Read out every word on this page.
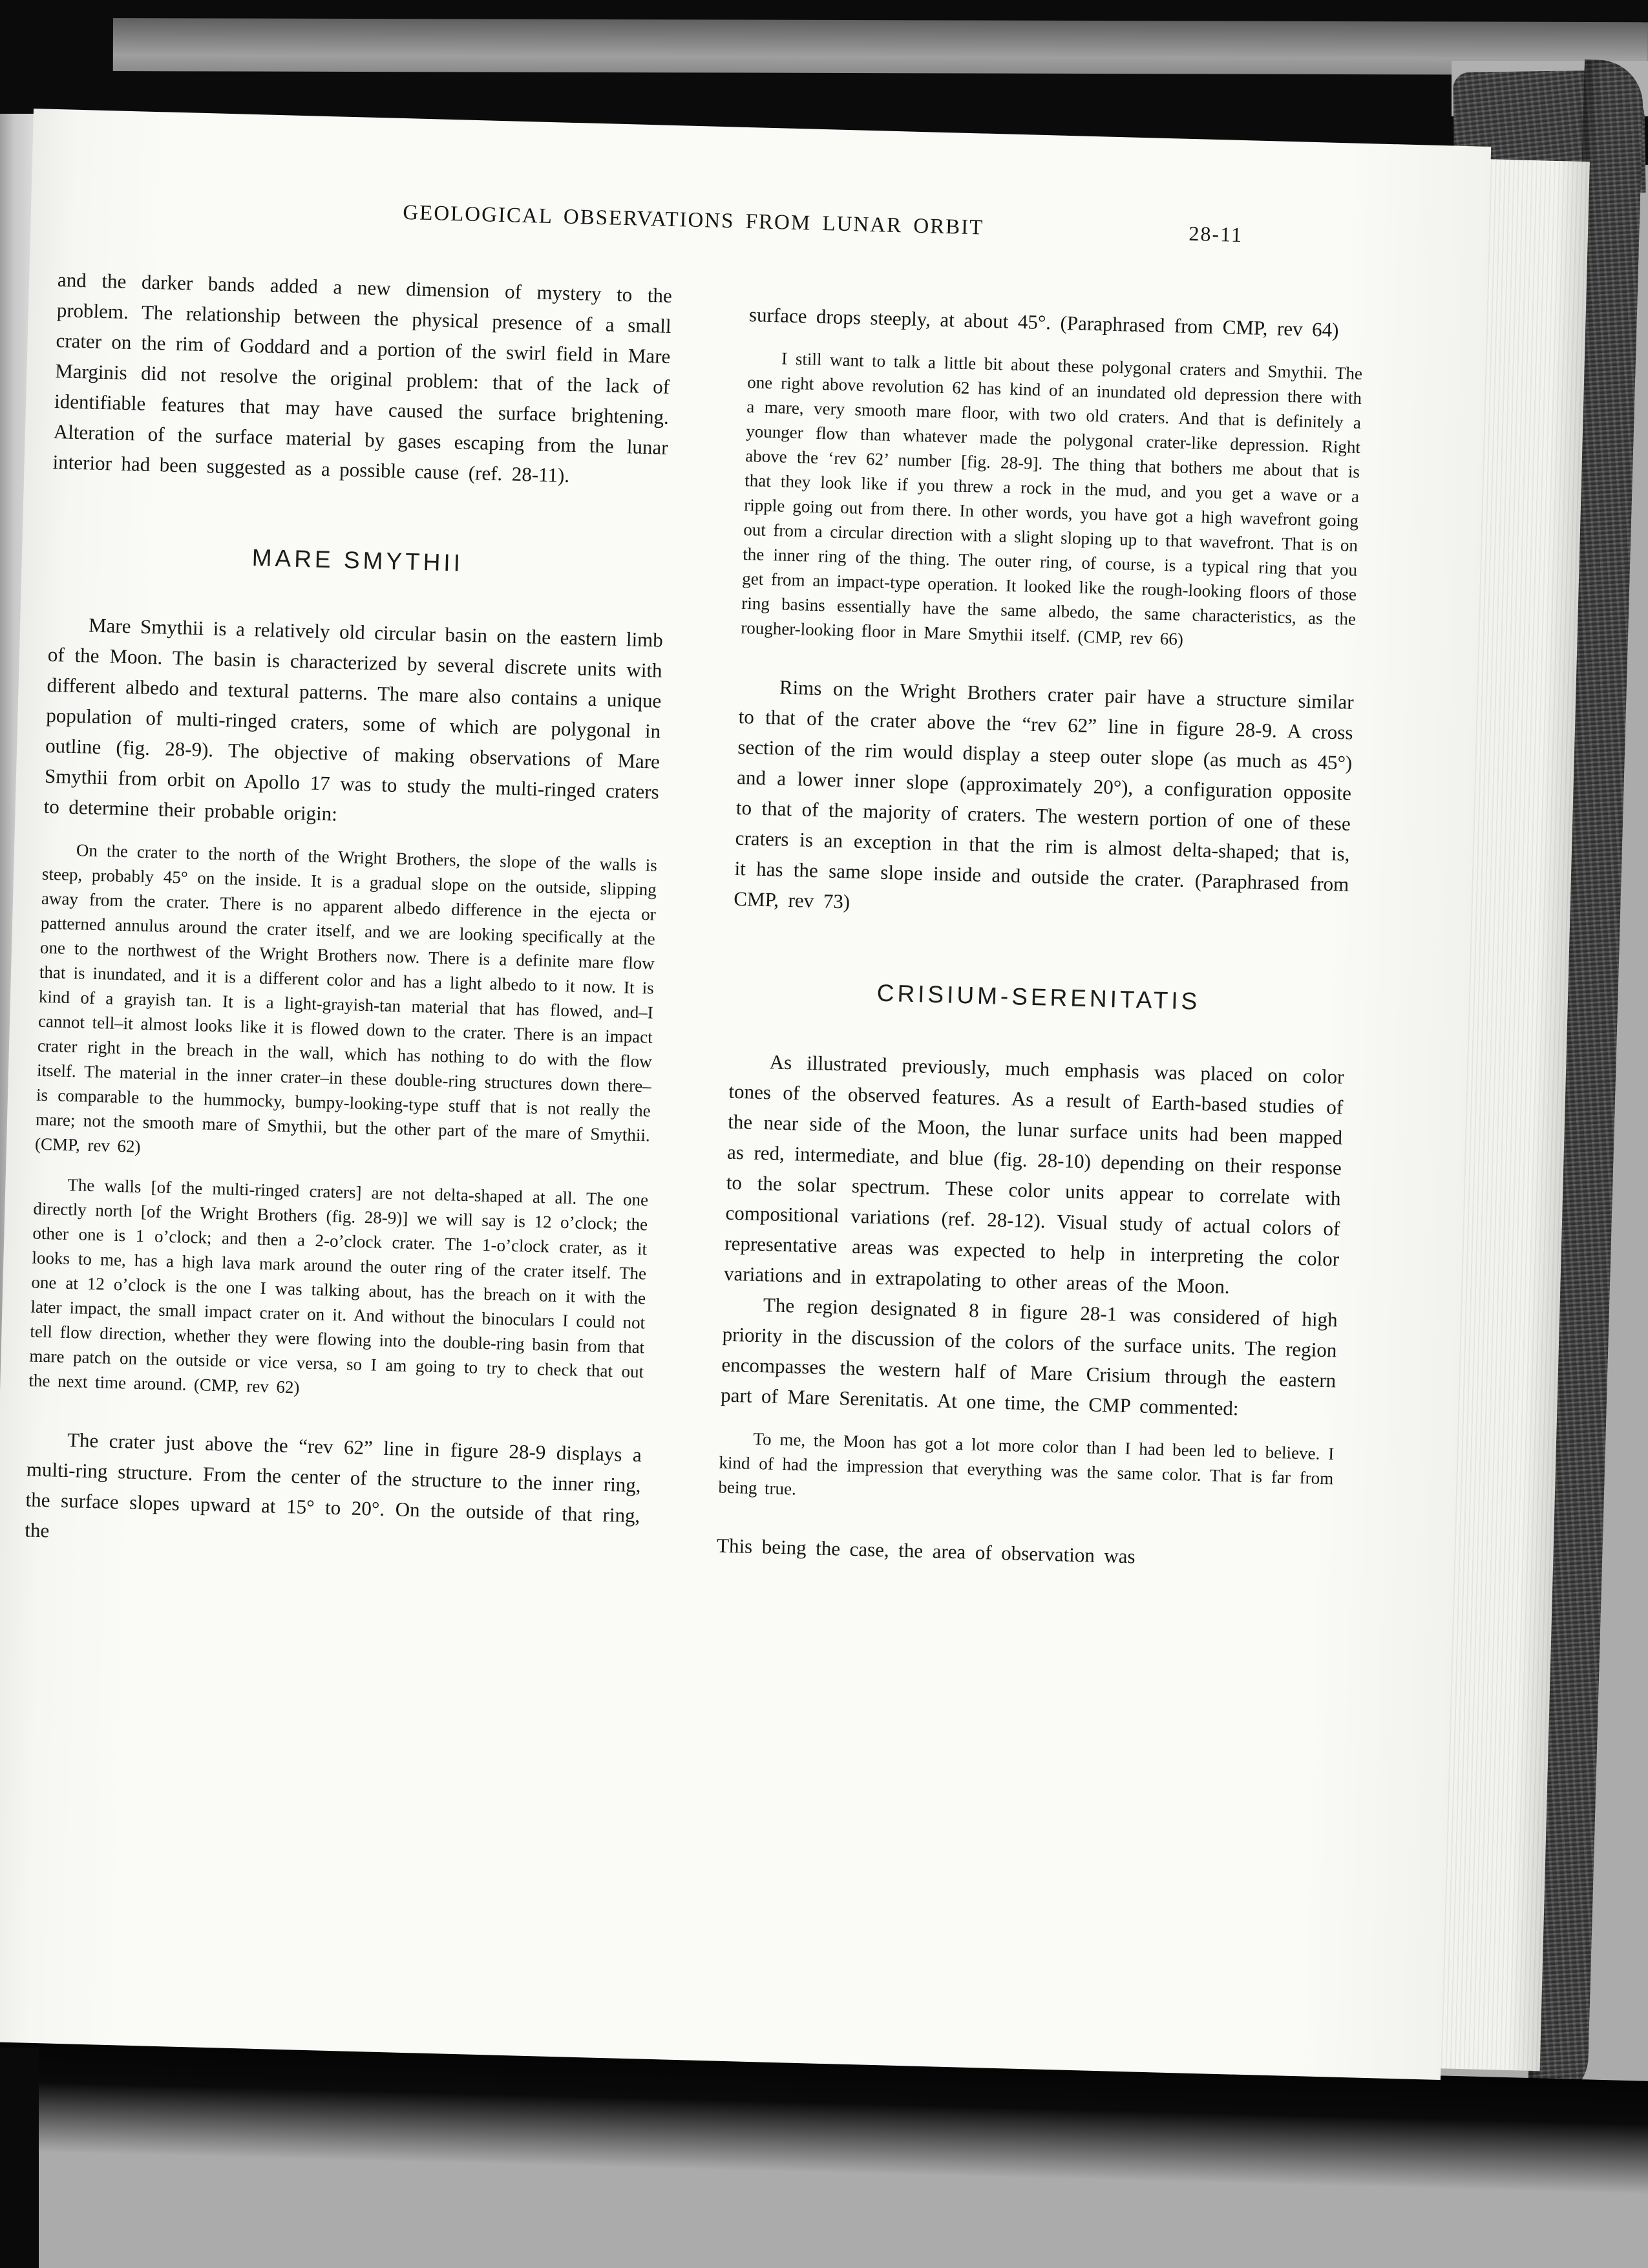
GEOLOGICAL OBSERVATIONS FROM LUNAR ORBIT	28-11

and the darker bands added a new dimension of mystery to the problem. The relationship between the physical presence of a small crater on the rim of Goddard and a portion of the swirl field in Mare Marginis did not resolve the original problem: that of the lack of identifiable features that may have caused the surface brightening. Alteration of the surface material by gases escaping from the lunar interior had been suggested as a possible cause (ref. 28-11).

MARE SMYTHII

Mare Smythii is a relatively old circular basin on the eastern limb of the Moon. The basin is characterized by several discrete units with different albedo and textural patterns. The mare also contains a unique population of multi-ringed craters, some of which are polygonal in outline (fig. 28-9). The objective of making observations of Mare Smythii from orbit on Apollo 17 was to study the multi-ringed craters to determine their probable origin:

On the crater to the north of the Wright Brothers, the slope of the walls is steep, probably 45° on the inside. It is a gradual slope on the outside, slipping away from the crater. There is no apparent albedo difference in the ejecta or patterned annulus around the crater itself, and we are looking specifically at the one to the northwest of the Wright Brothers now. There is a definite mare flow that is inundated, and it is a different color and has a light albedo to it now. It is kind of a grayish tan. It is a light-grayish-tan material that has flowed, and–I cannot tell–it almost looks like it is flowed down to the crater. There is an impact crater right in the breach in the wall, which has nothing to do with the flow itself. The material in the inner crater–in these double-ring structures down there–is comparable to the hummocky, bumpy-looking-type stuff that is not really the mare; not the smooth mare of Smythii, but the other part of the mare of Smythii. (CMP, rev 62)

The walls [of the multi-ringed craters] are not delta-shaped at all. The one directly north [of the Wright Brothers (fig. 28-9)] we will say is 12 o’clock; the other one is 1 o’clock; and then a 2-o’clock crater. The 1-o’clock crater, as it looks to me, has a high lava mark around the outer ring of the crater itself. The one at 12 o’clock is the one I was talking about, has the breach on it with the later impact, the small impact crater on it. And without the binoculars I could not tell flow direction, whether they were flowing into the double-ring basin from that mare patch on the outside or vice versa, so I am going to try to check that out the next time around. (CMP, rev 62)

The crater just above the “rev 62” line in figure 28-9 displays a multi-ring structure. From the center of the structure to the inner ring, the surface slopes upward at 15° to 20°. On the outside of that ring, the

surface drops steeply, at about 45°. (Paraphrased from CMP, rev 64)

I still want to talk a little bit about these polygonal craters and Smythii. The one right above revolution 62 has kind of an inundated old depression there with a mare, very smooth mare floor, with two old craters. And that is definitely a younger flow than whatever made the polygonal crater-like depression. Right above the ‘rev 62’ number [fig. 28-9]. The thing that bothers me about that is that they look like if you threw a rock in the mud, and you get a wave or a ripple going out from there. In other words, you have got a high wavefront going out from a circular direction with a slight sloping up to that wavefront. That is on the inner ring of the thing. The outer ring, of course, is a typical ring that you get from an impact-type operation. It looked like the rough-looking floors of those ring basins essentially have the same albedo, the same characteristics, as the rougher-looking floor in Mare Smythii itself. (CMP, rev 66)

Rims on the Wright Brothers crater pair have a structure similar to that of the crater above the “rev 62” line in figure 28-9. A cross section of the rim would display a steep outer slope (as much as 45°) and a lower inner slope (approximately 20°), a configuration opposite to that of the majority of craters. The western portion of one of these craters is an exception in that the rim is almost delta-shaped; that is, it has the same slope inside and outside the crater. (Paraphrased from CMP, rev 73)

CRISIUM-SERENITATIS

As illustrated previously, much emphasis was placed on color tones of the observed features. As a result of Earth-based studies of the near side of the Moon, the lunar surface units had been mapped as red, intermediate, and blue (fig. 28-10) depending on their response to the solar spectrum. These color units appear to correlate with compositional variations (ref. 28-12). Visual study of actual colors of representative areas was expected to help in interpreting the color variations and in extrapolating to other areas of the Moon.

The region designated 8 in figure 28-1 was considered of high priority in the discussion of the colors of the surface units. The region encompasses the western half of Mare Crisium through the eastern part of Mare Serenitatis. At one time, the CMP commented:

To me, the Moon has got a lot more color than I had been led to believe. I kind of had the impression that everything was the same color. That is far from being true.

This being the case, the area of observation was
